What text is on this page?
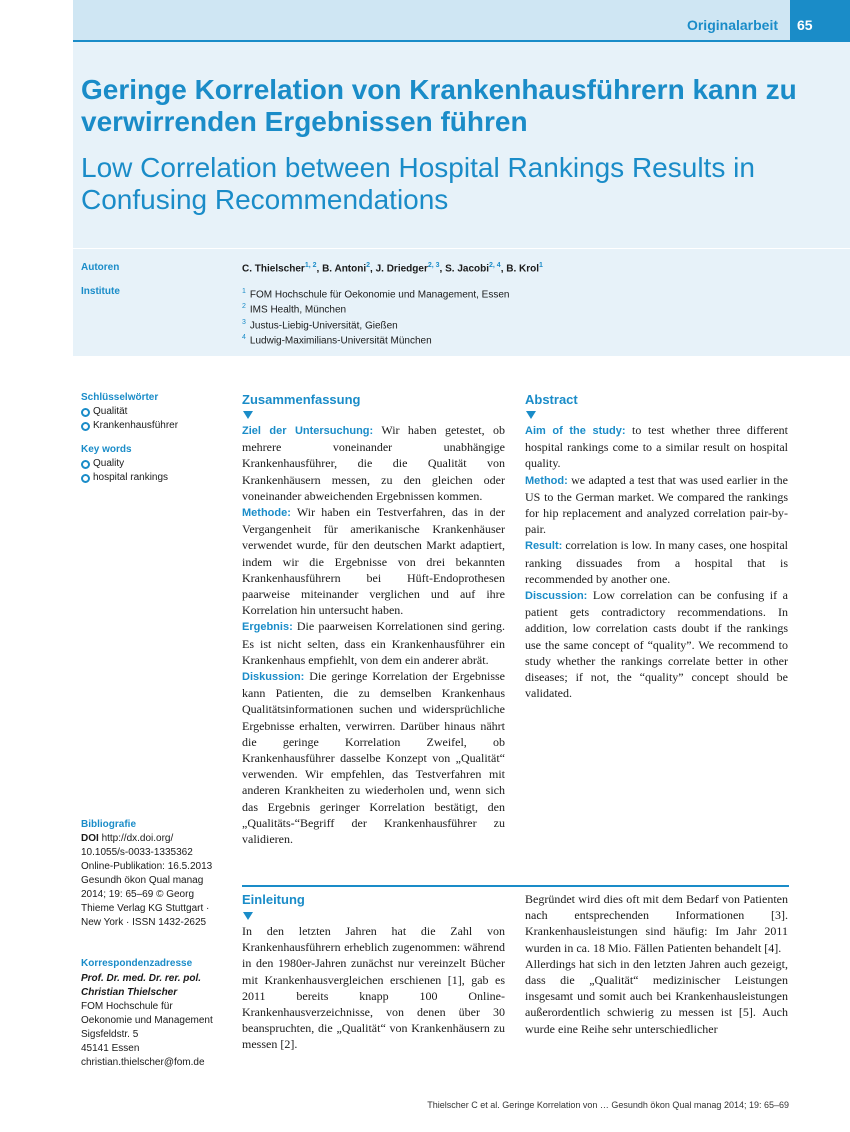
Originalarbeit 65
Geringe Korrelation von Krankenhausführern kann zu verwirrenden Ergebnissen führen
Low Correlation between Hospital Rankings Results in Confusing Recommendations
Autoren	C. Thielscher$^{1, 2}$, B. Antoni$^2$, J. Driedger$^{2, 3}$, S. Jacobi$^{2, 4}$, B. Krol$^1$
Institute	$^1$ FOM Hochschule für Oekonomie und Management, Essen
$^2$ IMS Health, München
$^3$ Justus-Liebig-Universität, Gießen
$^4$ Ludwig-Maximilians-Universität München
Schlüsselwörter
Qualität
Krankenhausführer
Key words
Quality
hospital rankings
Bibliografie
DOI http://dx.doi.org/
10.1055/s-0033-1335362
Online-Publikation: 16.5.2013
Gesundh ökon Qual manag
2014; 19: 65–69 © Georg
Thieme Verlag KG Stuttgart ·
New York · ISSN 1432-2625
Korrespondenzadresse
Prof. Dr. med. Dr. rer. pol.
Christian Thielscher
FOM Hochschule für
Oekonomie und Management
Sigsfeldstr. 5
45141 Essen
christian.thielscher@fom.de
Zusammenfassung

Ziel der Untersuchung: Wir haben getestet, ob mehrere voneinander unabhängige Krankenhausführer, die die Qualität von Krankenhäusern messen, zu den gleichen oder voneinander abweichenden Ergebnissen kommen.

Methode: Wir haben ein Testverfahren, das in der Vergangenheit für amerikanische Krankenhäuser verwendet wurde, für den deutschen Markt adaptiert, indem wir die Ergebnisse von drei bekannten Krankenhausführern bei Hüft-Endoprothesen paarweise miteinander verglichen und auf ihre Korrelation hin untersucht haben.

Ergebnis: Die paarweisen Korrelationen sind gering. Es ist nicht selten, dass ein Krankenhausführer ein Krankenhaus empfiehlt, von dem ein anderer abrät.

Diskussion: Die geringe Korrelation der Ergebnisse kann Patienten, die zu demselben Krankenhaus Qualitätsinformationen suchen und widersprüchliche Ergebnisse erhalten, verwirren. Darüber hinaus nährt die geringe Korrelation Zweifel, ob Krankenhausführer dasselbe Konzept von „Qualität“ verwenden. Wir empfehlen, das Testverfahren mit anderen Krankheiten zu wiederholen und, wenn sich das Ergebnis geringer Korrelation bestätigt, den „Qualitäts-“Begriff der Krankenhausführer zu validieren.

Abstract

Aim of the study: to test whether three different hospital rankings come to a similar result on hospital quality.

Method: we adapted a test that was used earlier in the US to the German market. We compared the rankings for hip replacement and analyzed correlation pair-by-pair.

Result: correlation is low. In many cases, one hospital ranking dissuades from a hospital that is recommended by another one.

Discussion: Low correlation can be confusing if a patient gets contradictory recommendations. In addition, low correlation casts doubt if the rankings use the same concept of “quality”. We recommend to study whether the rankings correlate better in other diseases; if not, the “quality” concept should be validated.

Einleitung

In den letzten Jahren hat die Zahl von Krankenhausführern erheblich zugenommen: während in den 1980er-Jahren zunächst nur vereinzelt Bücher mit Krankenhausvergleichen erschienen [1], gab es 2011 bereits knapp 100 Online-Krankenhausverzeichnisse, von denen über 30 beanspruchten, die „Qualität“ von Krankenhäusern zu messen [2].

Begründet wird dies oft mit dem Bedarf von Patienten nach entsprechenden Informationen [3]. Krankenhausleistungen sind häufig: Im Jahr 2011 wurden in ca. 18 Mio. Fällen Patienten behandelt [4].

Allerdings hat sich in den letzten Jahren auch gezeigt, dass die „Qualität“ medizinischer Leistungen insgesamt und somit auch bei Krankenhausleistungen außerordentlich schwierig zu messen ist [5]. Auch wurde eine Reihe sehr unterschiedlicher

Thielscher C et al. Geringe Korrelation von … Gesundh ökon Qual manag 2014; 19: 65–69
